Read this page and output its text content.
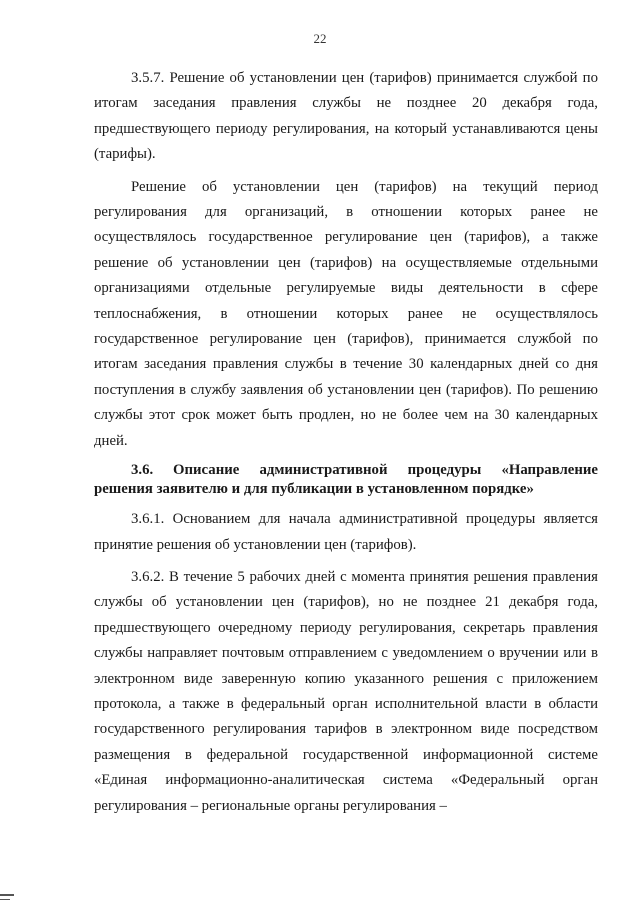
22

3.5.7. Решение об установлении цен (тарифов) принимается службой по итогам заседания правления службы не позднее 20 декабря года, предшествующего периоду регулирования, на который устанавливаются цены (тарифы).

Решение об установлении цен (тарифов) на текущий период регулирования для организаций, в отношении которых ранее не осуществлялось государственное регулирование цен (тарифов), а также решение об установлении цен (тарифов) на осуществляемые отдельными организациями отдельные регулируемые виды деятельности в сфере теплоснабжения, в отношении которых ранее не осуществлялось государственное регулирование цен (тарифов), принимается службой по итогам заседания правления службы в течение 30 календарных дней со дня поступления в службу заявления об установлении цен (тарифов). По решению службы этот срок может быть продлен, но не более чем на 30 календарных дней.

3.6. Описание административной процедуры «Направление решения заявителю и для публикации в установленном порядке»

3.6.1. Основанием для начала административной процедуры является принятие решения об установлении цен (тарифов).

3.6.2. В течение 5 рабочих дней с момента принятия решения правления службы об установлении цен (тарифов), но не позднее 21 декабря года, предшествующего очередному периоду регулирования, секретарь правления службы направляет почтовым отправлением с уведомлением о вручении или в электронном виде заверенную копию указанного решения с приложением протокола, а также в федеральный орган исполнительной власти в области государственного регулирования тарифов в электронном виде посредством размещения в федеральной государственной информационной системе «Единая информационно-аналитическая система «Федеральный орган регулирования – региональные органы регулирования –
